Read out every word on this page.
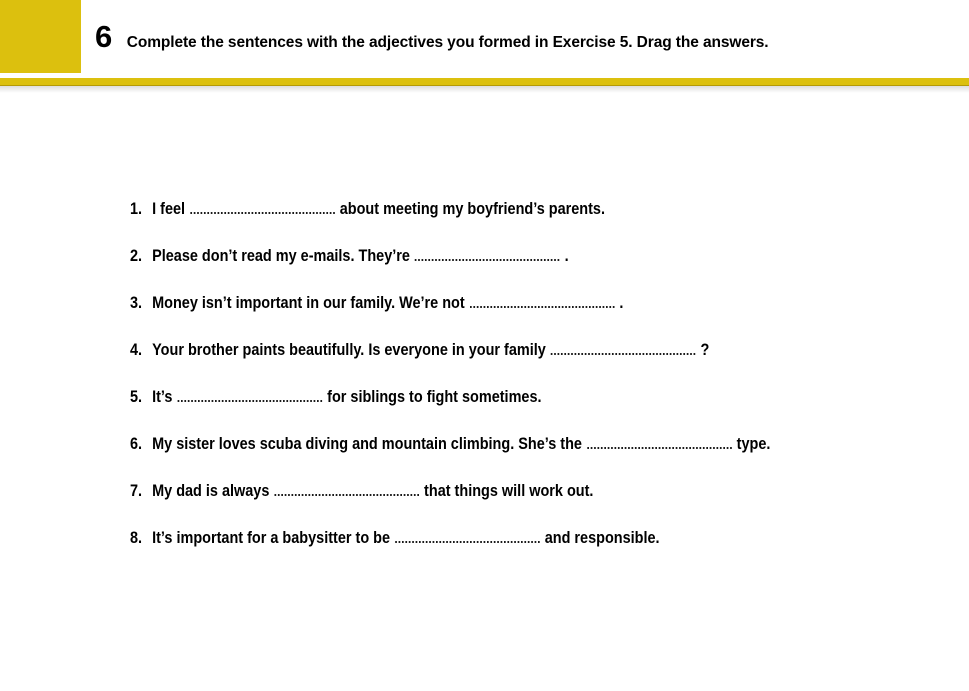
6 Complete the sentences with the adjectives you formed in Exercise 5. Drag the answers.
1. I feel	about meeting my boyfriend’s parents.
2. Please don’t read my e-mails. They’re	.
3. Money isn’t important in our family. We’re not	.
4. Your brother paints beautifully. Is everyone in your family	?
5. It’s	for siblings to fight sometimes.
6. My sister loves scuba diving and mountain climbing. She’s the	type.
7. My dad is always	that things will work out.
8. It’s important for a babysitter to be	and responsible.
